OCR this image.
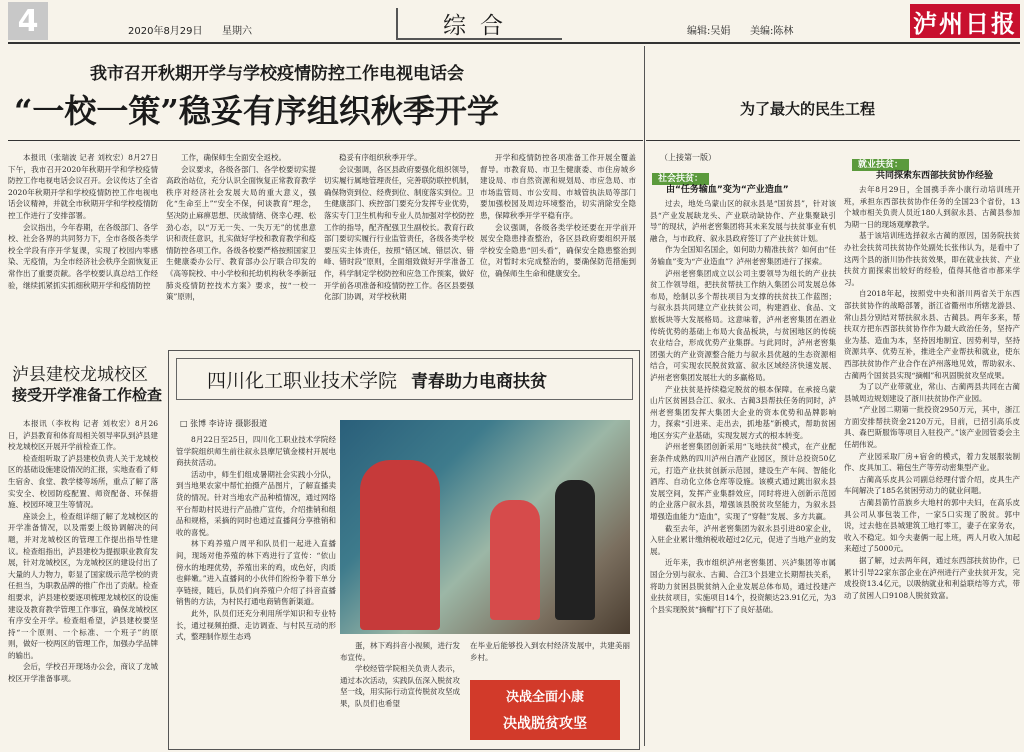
4	2020年8月29日 星期六	综合	编辑:吴娟 美编:陈林	泸州日报
我市召开秋期开学与学校疫情防控工作电视电话会
“一校一策”稳妥有序组织秋季开学
本报讯（张瑞波 记者 刘枚宏）8月27日下午，我市召开2020年秋期开学和学校疫情防控工作电视电话会议召开。会议传达了全省2020年秋期开学和学校疫情防控工作电视电话会议精神，并就全市秋期开学和学校疫情防控工作进行了安排部署。
会议指出，今年春期，在各级部门、各学校、社会各界的共同努力下，全市各级各类学校全学段有序开学复课，实现了校园内零感染、无疫情，为全市经济社会秩序全面恢复正常作出了重要贡献。各学校要认真总结工作经验，继续抓紧抓实抓细秋期开学和疫情防控
工作，确保师生全面安全返校。
会议要求，各级各部门、各学校要切实提高政治站位，充分认识全面恢复正常教育教学秩序对经济社会发展大局的重大意义，强化“生命至上”“安全不保，何谈教育”理念，坚决防止麻痹思想、厌战情绪、侥幸心理、松劲心态，以“万无一失、一失万无”的忧患意识和责任意识，扎实做好学校和教育教学和疫情防控各项工作。各级各校要严格按照国家卫生健康委办公厅、教育部办公厅联合印发的《高等院校、中小学校和托幼机构秋冬季新冠肺炎疫情防控技术方案》要求，按“一校一策”原则，
稳妥有序组织秋季开学。
会议强调，各区县政府要强化组织领导，切实履行属地管理责任，完善联防联控机制，确保物资到位、经费到位、制度落实到位。卫生健康部门、疾控部门要充分发挥专业优势，落实专门卫生机构和专业人员加强对学校防控工作的指导，配齐配强卫生副校长。教育行政部门要切实履行行业监管责任，各级各类学校要压实主体责任，按照“错区域、错层次、错峰、错时段”原则，全面细致做好开学准备工作，科学制定学校防控和应急工作预案，做好开学前各项准备和疫情防控工作。各区县要强化部门协调，对学校秋期
开学和疫情防控各项准备工作开展全覆盖督导。市教育局、市卫生健康委、市住房城乡建设局、市自然资源和规划局、市应急局、市市场监管局、市公安局、市城管执法局等部门要加强校园及周边环境整治，切实消除安全隐患，保障秋季开学平稳有序。
会议强调，各级各类学校还要在开学前开展安全隐患排查整治，各区县政府要组织开展学校安全隐患“回头看”，确保安全隐患整治到位，对暂时未完成整治的，要确保防范措施到位，确保师生生命和健康安全。
泸县建校龙城校区
接受开学准备工作检查
本报讯（李枚构 记者 刘枚宏）8月26日，泸县教育和体育局相关领导率队到泸县建校龙城校区开展开学前检查工作。
检查组听取了泸县建校负责人关于龙城校区的基础设施建设情况的汇报，实地查看了师生宿舍、食堂、教学楼等场所，重点了解了落实安全、校园防疫配置、师资配备、环保措施、校园环境卫生等情况。
座谈会上，检查组详细了解了龙城校区的开学准备情况，以及需要上级协调解决的问题，并对龙城校区的管理工作提出指导性建议。检查组指出，泸县建校为提振职业教育发展，针对龙城校区，为龙城校区的建设付出了大量的人力物力，彰显了国家级示范学校的责任担当，为职教品牌的推广作出了贡献。检查组要求，泸县建校要逐项梳理龙城校区的设施建设及教育教学管理工作事宜，确保龙城校区有序安全开学。检查组希望，泸县建校要坚持“一个原则、一个标准、一个班子”的原则，做好一校两区的管理工作，加强办学品牌的输出。
会后，学校召开现场办公会，商议了龙城校区开学准备事项。
四川化工职业技术学院 青春助力电商扶贫
□ 张博 李诗诗 摄影报道
8月22日至25日，四川化工职业技术学院经管学院组织师生前往叙永县摩尼镇金楼村开展电商扶贫活动。
活动中，师生们组成暑期社会实践小分队，到当地果农家中帮忙拍摄产品图片，了解直播卖货的情况。针对当地农产品种植情况，通过网络平台帮助村民进行产品推广宣传，介绍推销和组品和规格，采摘的同时也通过直播间分享推销和收的喜悦。
林下鸡养殖户周平和队员们一起进入直播间，现场对他养殖的林下鸡进行了宣传：“依山傍水的地理优势，养殖出来的鸡，成色好，肉质也鲜嫩。”进入直播间的小伙伴们纷纷争着下单分享链接，随后，队员们向养殖户介绍了抖音直播销售的方法，为村民打通电商销售新渠道。
此外，队员们还充分利用所学知识和专业特长，通过视频拍摄、走访调查、与村民互动的形式，整理制作原生态鸡
蛋，林下鸡抖音小视频，进行发布宣传。
学校经管学院相关负责人表示，通过本次活动，实践队伍深入脱贫攻坚一线，用实际行动宣传脱贫攻坚成果，队员们也希望
在毕业后能够投入到农村经济发展中，共建美丽乡村。
决战全面小康
决战脱贫攻坚
为了最大的民生工程
（上接第一版）
社会扶贫：
由“任务输血”变为“产业造血”
过去，地处乌蒙山区的叙永县是“国贫县”，针对该县“产业发展缺龙头、产业联动缺协作、产业集聚缺引导”的现状，泸州老窖集团将其未来发展与扶贫事业有机融合，与市政府、叙永县政府签订了产业扶贫计划。
作为全国知名国企，如何助力精准扶贫？如何由“任务输血”变为“产业造血”？泸州老窖集团进行了探索。
泸州老窖集团成立以公司主要领导为组长的产业扶贫工作领导组，把扶贫帮扶工作纳入集团公司发展总体布局，绘制以多个帮扶项目为支撑的扶贫扶工作蓝图；与叙永县共同建立产业扶贫公司，构建酒业、食品、文旅板块等大发展格局。这意味着，泸州老窖集团在酒业传统优势的基础上布局大食品板块，与贫困地区的传统农业结合，形成优势产业集群。与此同时，泸州老窖集团强大的产业资源整合能力与叙永县优越的生态资源相结合，可实现农民脱贫致富、叙永区域经济快速发展、泸州老窖集团发展壮大的多赢格局。
产业扶贫是持续稳定脱贫的根本保障。在承接乌蒙山片区贫困县合江、叙永、古蔺3县帮扶任务的同时，泸州老窖集团发挥大集团大企业的资本优势和品牌影响力，探索“引进来、走出去，抓地基”新模式，帮助贫困地区夯实产业基础，实现发展方式的根本转变。
泸州老窖集团创新采用“飞地扶贫”模式，在产业配套条件成熟的四川泸州白酒产业园区，预计总投资50亿元，打造产业扶贫创新示范园，建设生产车间、智能化酒库、自动化立体仓库等设施。该模式通过跳出叙永县发展空间，发挥产业集群效应，同时将进入创新示范园的企业落户叙永县，增强该县脱贫攻坚能力，为叙永县增强造血能力“造血”，实现了“穿鞋”发展、多方共赢。
截至去年，泸州老窖集团为叙永县引进80家企业，入驻企业累计缴纳税收超过2亿元，促进了当地产业的发展。
近年来，我市组织泸州老窖集团、兴泸集团等市属国企分别与叙永、古蔺、合江3个县建立长期帮扶关系，将助力贫困县脱贫纳入企业发展总体布局，通过投建产业扶贫项目，实施项目14个，投资额达23.91亿元，为3个县实现脱贫“摘帽”打下了良好基础。
就业扶贫：
共同探索东西部扶贫协作经验
去年8月29日，全国携手奔小康行动培训班开班，承担东西部扶贫协作任务的全国23个省份，13个城市相关负责人员近180人到叙永县、古蔺县参加为期一日的现场观摩教学。
基于该培训班选择叙永古蔺的原因，国务院扶贫办社会扶贫司扶贫协作处副处长张伟认为，是看中了这两个县的浙川协作扶贫效果，即在就业扶贫、产业扶贫方面探索出较好的经验，值得其他省市都来学习。
自2018年起，按照党中央和浙川两省关于东西部扶贫协作的战略部署，浙江省衢州市所辖龙游县、常山县分别结对帮扶叙永县、古蔺县。两年多来，帮扶双方把东西部扶贫协作作为最大政治任务，坚持产业为基、造血为本，坚持因地制宜、因势利导，坚持资源共享、优势互补，推进全产业帮扶和就业，使东西部扶贫协作产业合作在泸州落地见效，帮助叙永、古蔺两个国贫县实现“摘帽”和巩固脱贫攻坚成果。
为了以产业带就业，常山、古蔺两县共同在古蔺县城周边规划建设了浙川扶贫协作产业园。
“产业园二期第一批投资2950万元，其中，浙江方面安排帮扶资金2120万元，目前，已招引高乐皮具、森巴斯服饰等项目入驻投产。”该产业园管委会主任胡伟说。
产业园采取厂房+宿舍的模式，着力发展服装制作、皮具加工、箱包生产等劳动密集型产业。
古蔺高乐皮具公司副总经理付雷介绍，皮具生产车间解决了185名贫困劳动力的就业问题。
古蔺县箭竹苗族乡大地村的郭中夫妇，在高乐皮具公司从事包装工作，一家5口实现了脱贫。郭中说，过去他在县城建筑工地打零工，妻子在家务农，收入不稳定。如今夫妻俩一起上班，两人月收入加起来超过了5000元。
据了解，过去两年间，通过东西部扶贫协作，已累计引导22家东部企业在泸州进行产业扶贫开发，完成投资13.4亿元，以吸纳就业和利益联结等方式，带动了贫困人口9108人脱贫致富。
